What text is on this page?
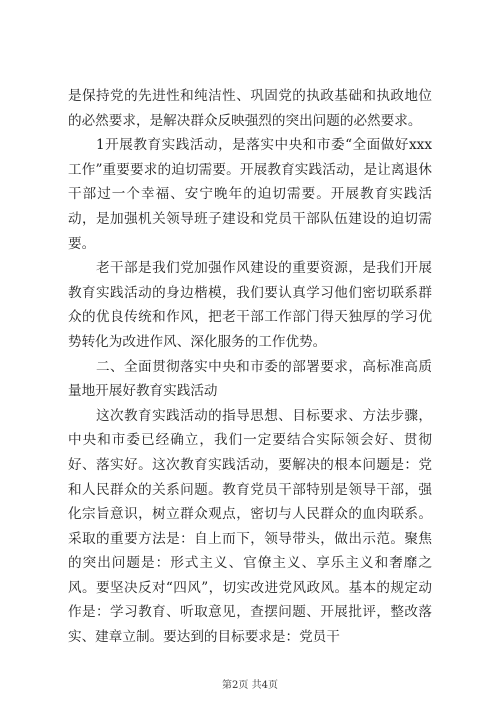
是保持党的先进性和纯洁性、巩固党的执政基础和执政地位的必然要求，是解决群众反映强烈的突出问题的必然要求。

1开展教育实践活动，是落实中央和市委“全面做好xxx工作”重要要求的迫切需要。开展教育实践活动，是让离退休干部过一个幸福、安宁晚年的迫切需要。开展教育实践活动，是加强机关领导班子建设和党员干部队伍建设的迫切需要。

老干部是我们党加强作风建设的重要资源，是我们开展教育实践活动的身边楷模，我们要认真学习他们密切联系群众的优良传统和作风，把老干部工作部门得天独厚的学习优势转化为改进作风、深化服务的工作优势。

二、全面贯彻落实中央和市委的部署要求，高标准高质量地开展好教育实践活动

这次教育实践活动的指导思想、目标要求、方法步骤，中央和市委已经确立，我们一定要结合实际领会好、贯彻好、落实好。这次教育实践活动，要解决的根本问题是：党和人民群众的关系问题。教育党员干部特别是领导干部，强化宗旨意识，树立群众观点，密切与人民群众的血肉联系。采取的重要方法是：自上而下，领导带头，做出示范。聚焦的突出问题是：形式主义、官僚主义、享乐主义和奢靡之风。要坚决反对“四风”，切实改进党风政风。基本的规定动作是：学习教育、听取意见，查摆问题、开展批评，整改落实、建章立制。要达到的目标要求是：党员干

第2页 共4页
